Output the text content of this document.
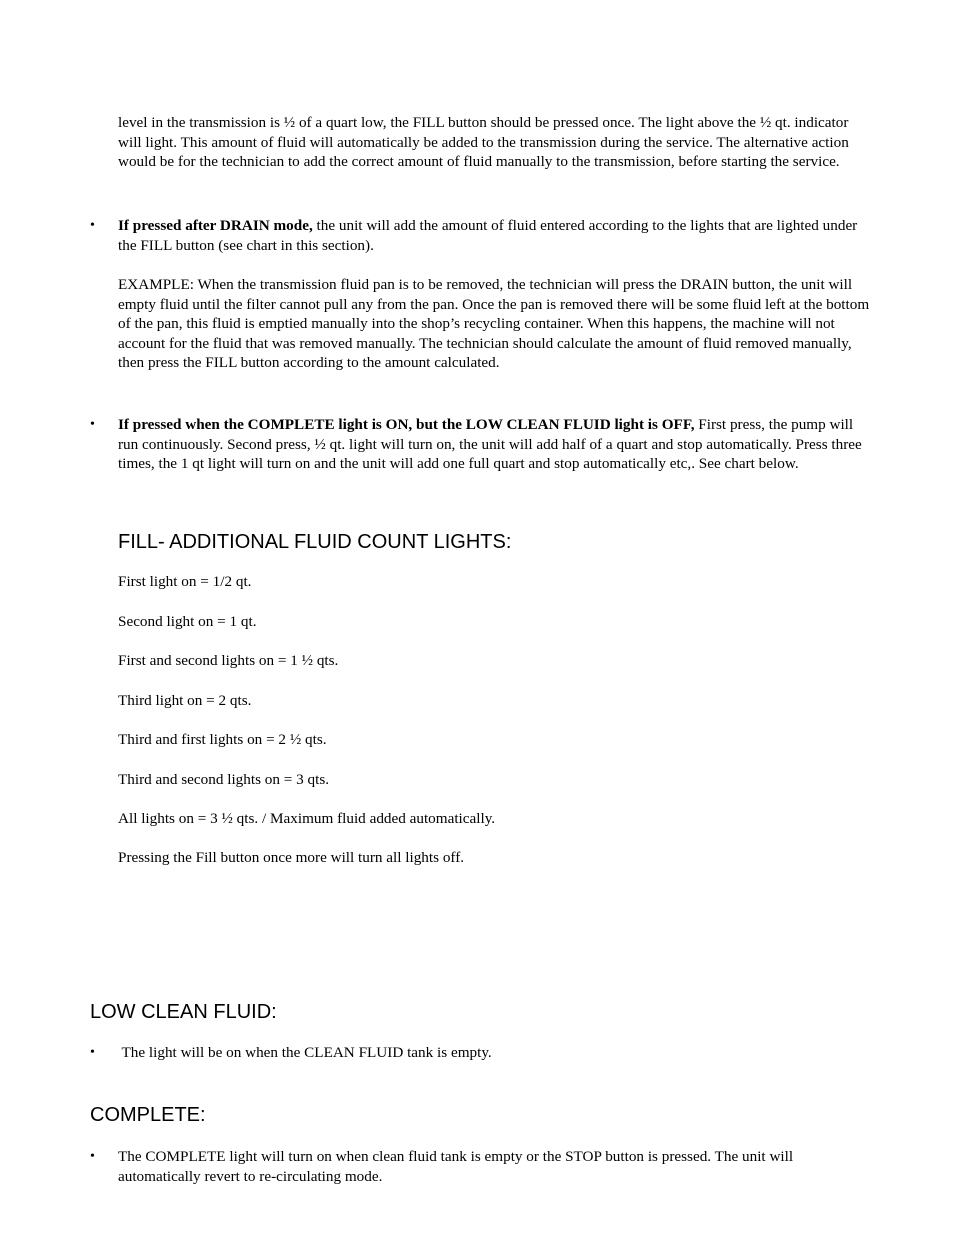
level in the transmission is ½ of a quart low, the FILL button should be pressed once. The light above the ½ qt. indicator will light. This amount of fluid will automatically be added to the transmission during the service. The alternative action would be for the technician to add the correct amount of fluid manually to the transmission, before starting the service.

• If pressed after DRAIN mode, the unit will add the amount of fluid entered according to the lights that are lighted under the FILL button (see chart in this section).

EXAMPLE: When the transmission fluid pan is to be removed, the technician will press the DRAIN button, the unit will empty fluid until the filter cannot pull any from the pan. Once the pan is removed there will be some fluid left at the bottom of the pan, this fluid is emptied manually into the shop’s recycling container. When this happens, the machine will not account for the fluid that was removed manually. The technician should calculate the amount of fluid removed manually, then press the FILL button according to the amount calculated.

• If pressed when the COMPLETE light is ON, but the LOW CLEAN FLUID light is OFF, First press, the pump will run continuously. Second press, ½ qt. light will turn on, the unit will add half of a quart and stop automatically. Press three times, the 1 qt light will turn on and the unit will add one full quart and stop automatically etc,. See chart below.

FILL- ADDITIONAL FLUID COUNT LIGHTS:

First light on = 1/2 qt.

Second light on = 1 qt.

First and second lights on = 1 ½ qts.

Third light on = 2 qts.

Third and first lights on = 2 ½ qts.

Third and second lights on = 3 qts.

All lights on = 3 ½ qts. / Maximum fluid added automatically.

Pressing the Fill button once more will turn all lights off.

LOW CLEAN FLUID:
• The light will be on when the CLEAN FLUID tank is empty.

COMPLETE:
• The COMPLETE light will turn on when clean fluid tank is empty or the STOP button is pressed. The unit will automatically revert to re-circulating mode.
